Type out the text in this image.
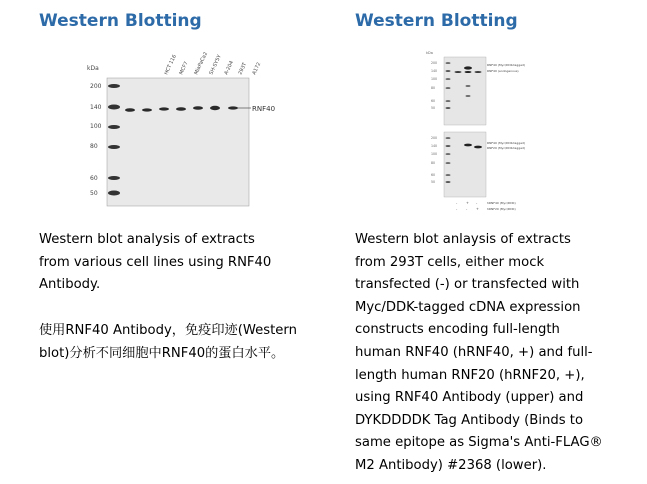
Western Blotting
kDa
200
140
100
80
60
50
HCT 116 MCF7 MiaPaCa2 SH-SY5Y A-204 293T A172
RNF40
Western blot analysis of extracts
from various cell lines using RNF40
Antibody.
使用RNF40 Antibody，免疫印迹(Western blot)分析不同细胞中RNF40的蛋白水平。
Western Blotting
kDa
200
140
100
80
60
50
RNF40 (Myc/DDK-tagged)
RNF40 (endogenous)
200
140
100
80
60
50
RNF40 (Myc/DDK-tagged)
RNF20 (Myc/DDK-tagged)
- + -	hRNF40 (Myc/DDK)
- - +	hRNF20 (Myc/DDK)
Western blot anlaysis of extracts
from 293T cells, either mock
transfected (-) or transfected with
Myc/DDK-tagged cDNA expression
constructs encoding full-length
human RNF40 (hRNF40, +) and full-
length human RNF20 (hRNF20, +),
using RNF40 Antibody (upper) and
DYKDDDDK Tag Antibody (Binds to
same epitope as Sigma's Anti-FLAG®
M2 Antibody) #2368 (lower).
